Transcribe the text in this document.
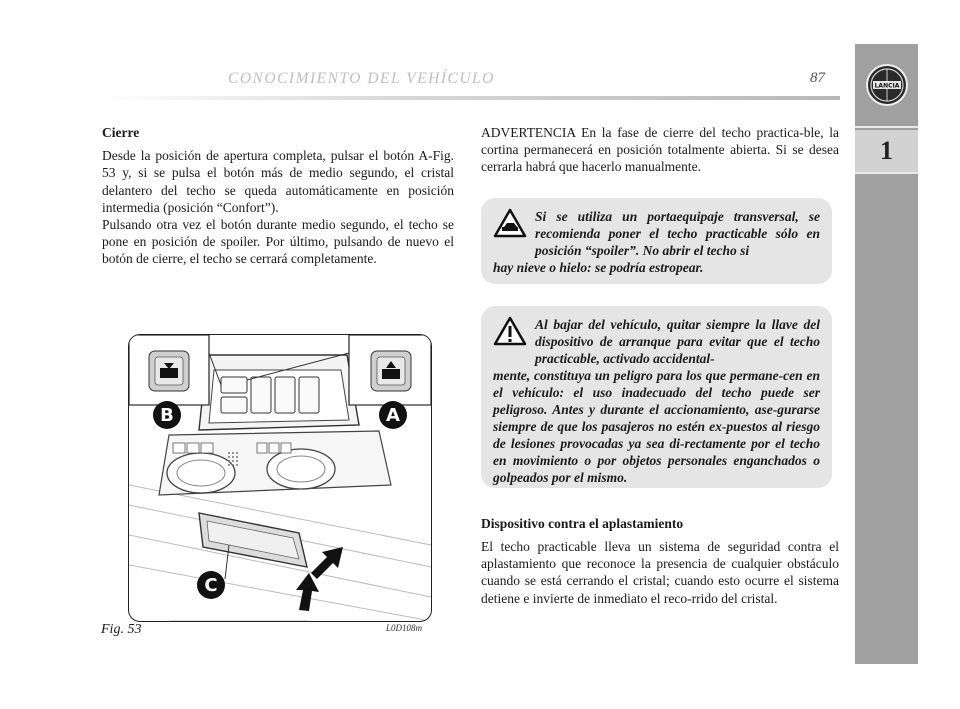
CONOCIMIENTO DEL VEHÍCULO	87	LANCIA
1

Cierre

Desde la posición de apertura completa, pulsar el botón A-Fig. 53 y, si se pulsa el botón más de medio segundo, el cristal delantero del techo se queda automáticamente en posición intermedia (posición “Confort”).

Pulsando otra vez el botón durante medio segundo, el techo se pone en posición de spoiler. Por último, pulsando de nuevo el botón de cierre, el techo se cerrará completamente.

B	A
C
Fig. 53	L0D108m

ADVERTENCIA En la fase de cierre del techo practica-ble, la cortina permanecerá en posición totalmente abierta. Si se desea cerrarla habrá que hacerlo manualmente.

Si se utiliza un portaequipaje transversal, se recomienda poner el techo practicable sólo en posición “spoiler”. No abrir el techo si
hay nieve o hielo: se podría estropear.
Al bajar del vehículo, quitar siempre la llave del dispositivo de arranque para evitar que el techo practicable, activado accidental-
mente, constituya un peligro para los que permane-cen en el vehículo: el uso inadecuado del techo puede ser peligroso. Antes y durante el accionamiento, ase-gurarse siempre de que los pasajeros no estén ex-puestos al riesgo de lesiones provocadas ya sea di-rectamente por el techo en movimiento o por objetos personales enganchados o golpeados por el mismo.
Dispositivo contra el aplastamiento
El techo practicable lleva un sistema de seguridad contra el aplastamiento que reconoce la presencia de cualquier obstáculo cuando se está cerrando el cristal; cuando esto ocurre el sistema detiene e invierte de inmediato el reco-rrido del cristal.
